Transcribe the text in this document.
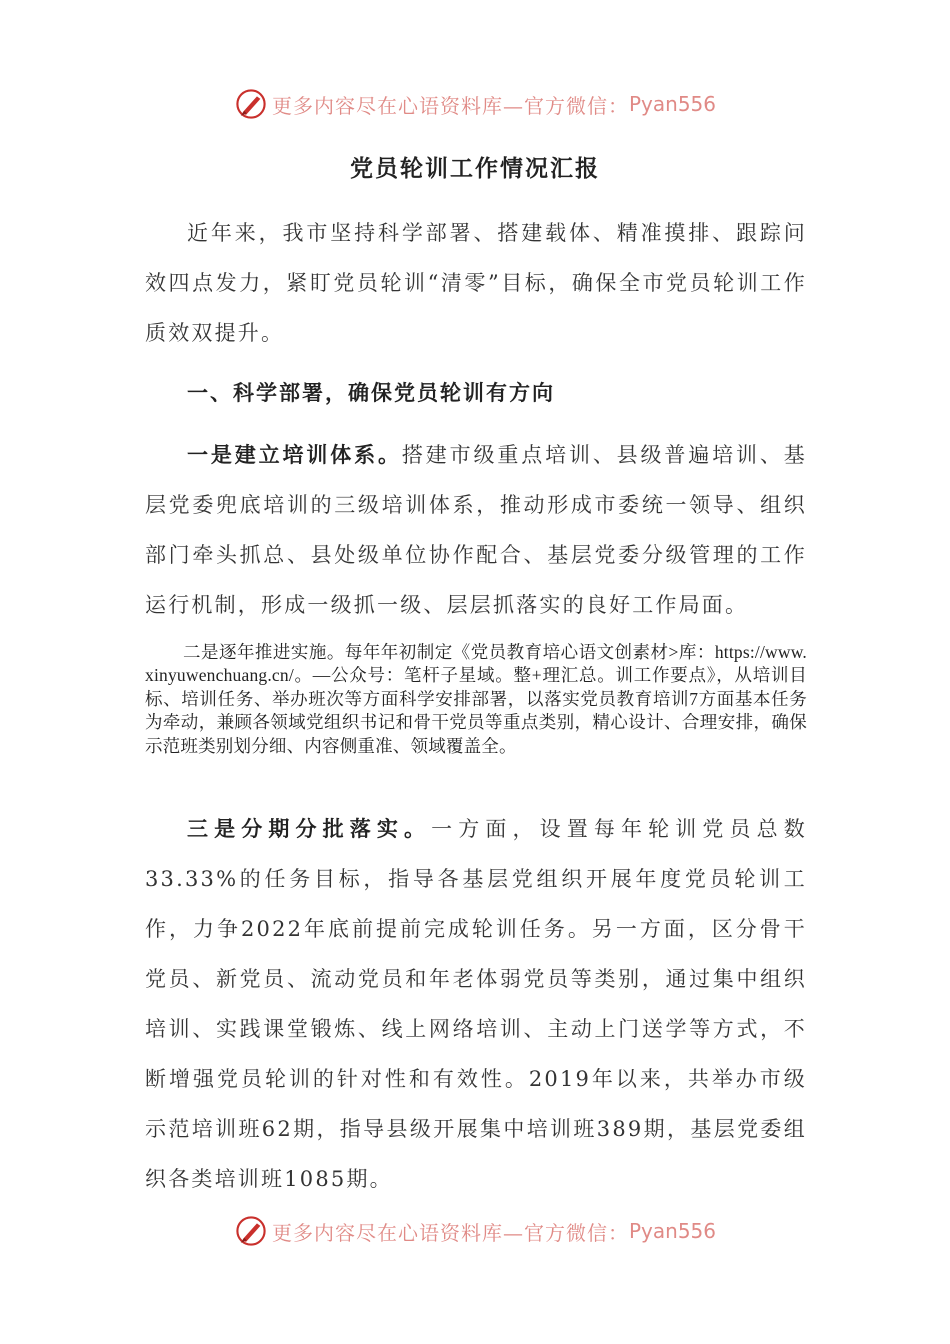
更多内容尽在心语资料库—官方微信： Pyan556
党员轮训工作情况汇报

近年来，我市坚持科学部署、搭建载体、精准摸排、跟踪问效四点发力，紧盯党员轮训“清零”目标，确保全市党员轮训工作质效双提升。

一、科学部署，确保党员轮训有方向

一是建立培训体系。搭建市级重点培训、县级普遍培训、基层党委兜底培训的三级培训体系，推动形成市委统一领导、组织部门牵头抓总、县处级单位协作配合、基层党委分级管理的工作运行机制，形成一级抓一级、层层抓落实的良好工作局面。

二是逐年推进实施。每年年初制定《党员教育培心语文创素材>库：https://www.xinyuwenchuang.cn/。—公众号：笔杆子星域。整+理汇总。训工作要点》，从培训目标、培训任务、举办班次等方面科学安排部署，以落实党员教育培训7方面基本任务为牵动，兼顾各领域党组织书记和骨干党员等重点类别，精心设计、合理安排，确保示范班类别划分细、内容侧重准、领域覆盖全。

三是分期分批落实。一方面，设置每年轮训党员总数33.33%的任务目标，指导各基层党组织开展年度党员轮训工作，力争2022年底前提前完成轮训任务。另一方面，区分骨干党员、新党员、流动党员和年老体弱党员等类别，通过集中组织培训、实践课堂锻炼、线上网络培训、主动上门送学等方式，不断增强党员轮训的针对性和有效性。2019年以来，共举办市级示范培训班62期，指导县级开展集中培训班389期，基层党委组织各类培训班1085期。

更多内容尽在心语资料库—官方微信： Pyan556
